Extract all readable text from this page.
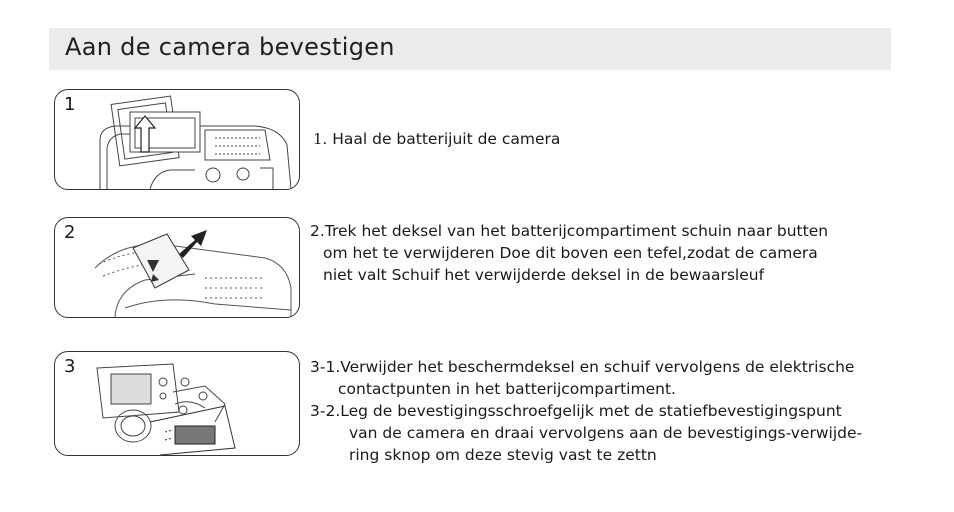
Aan de camera bevestigen
1

1. Haal de batterijuit de camera

2	2.Trek het deksel van het batterijcompartiment schuin naar butten
om het te verwijderen Doe dit boven een tefel,zodat de camera
niet valt Schuif het verwijderde deksel in de bewaarsleuf

3	3-1.Verwijder het beschermdeksel en schuif vervolgens de elektrische
contactpunten in het batterijcompartiment.
3-2.Leg de bevestigingsschroefgelijk met de statiefbevestigingspunt
van de camera en draai vervolgens aan de bevestigings-verwijde-
ring sknop om deze stevig vast te zettn
